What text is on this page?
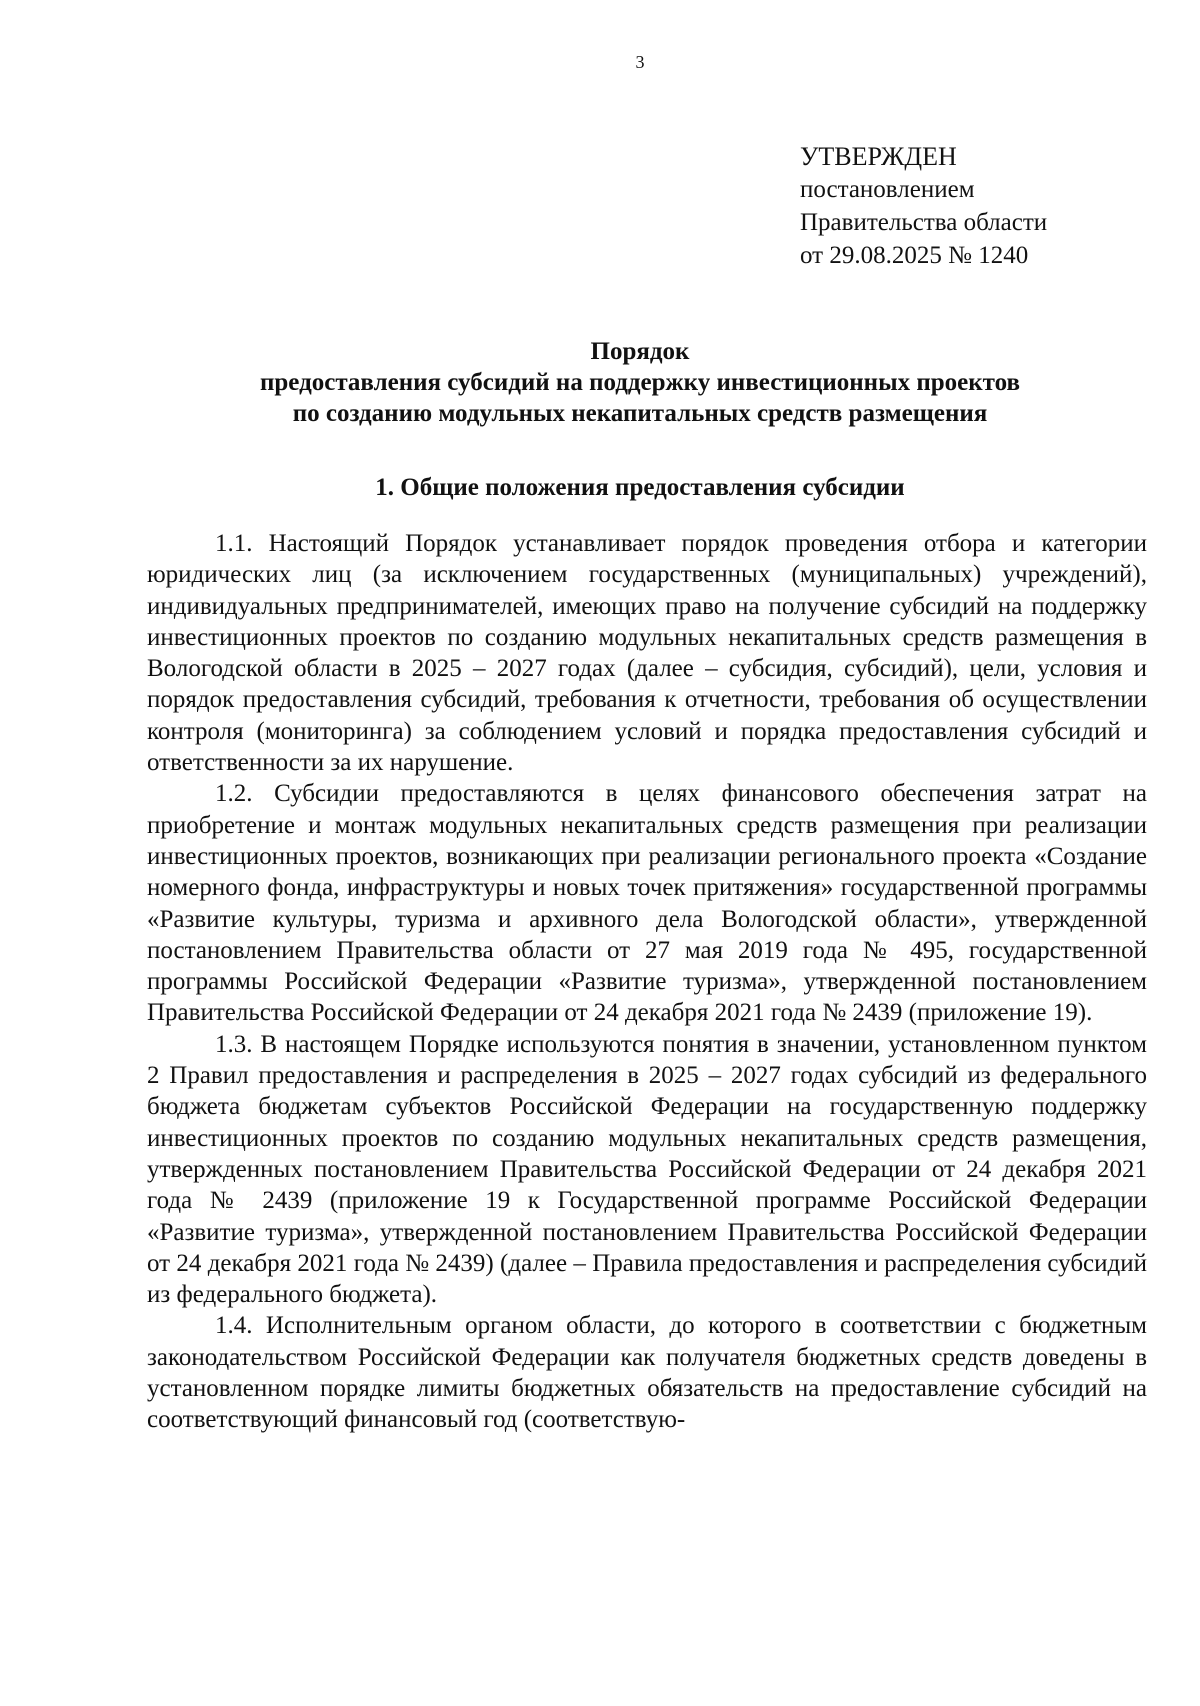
3
УТВЕРЖДЕН
постановлением
Правительства области
от 29.08.2025 № 1240
Порядок
предоставления субсидий на поддержку инвестиционных проектов
по созданию модульных некапитальных средств размещения
1. Общие положения предоставления субсидии

1.1. Настоящий Порядок устанавливает порядок проведения отбора и категории юридических лиц (за исключением государственных (муниципальных) учреждений), индивидуальных предпринимателей, имеющих право на получение субсидий на поддержку инвестиционных проектов по созданию модульных некапитальных средств размещения в Вологодской области в 2025 – 2027 годах (далее – субсидия, субсидий), цели, условия и порядок предоставления субсидий, требования к отчетности, требования об осуществлении контроля (мониторинга) за соблюдением условий и порядка предоставления субсидий и ответственности за их нарушение.

1.2. Субсидии предоставляются в целях финансового обеспечения затрат на приобретение и монтаж модульных некапитальных средств размещения при реализации инвестиционных проектов, возникающих при реализации регионального проекта «Создание номерного фонда, инфраструктуры и новых точек притяжения» государственной программы «Развитие культуры, туризма и архивного дела Вологодской области», утвержденной постановлением Правительства области от 27 мая 2019 года № 495, государственной программы Российской Федерации «Развитие туризма», утвержденной постановлением Правительства Российской Федерации от 24 декабря 2021 года № 2439 (приложение 19).

1.3. В настоящем Порядке используются понятия в значении, установленном пунктом 2 Правил предоставления и распределения в 2025 – 2027 годах субсидий из федерального бюджета бюджетам субъектов Российской Федерации на государственную поддержку инвестиционных проектов по созданию модульных некапитальных средств размещения, утвержденных постановлением Правительства Российской Федерации от 24 декабря 2021 года № 2439 (приложение 19 к Государственной программе Российской Федерации «Развитие туризма», утвержденной постановлением Правительства Российской Федерации от 24 декабря 2021 года № 2439) (далее – Правила предоставления и распределения субсидий из федерального бюджета).

1.4. Исполнительным органом области, до которого в соответствии с бюджетным законодательством Российской Федерации как получателя бюджетных средств доведены в установленном порядке лимиты бюджетных обязательств на предоставление субсидий на соответствующий финансовый год (соответствую-
